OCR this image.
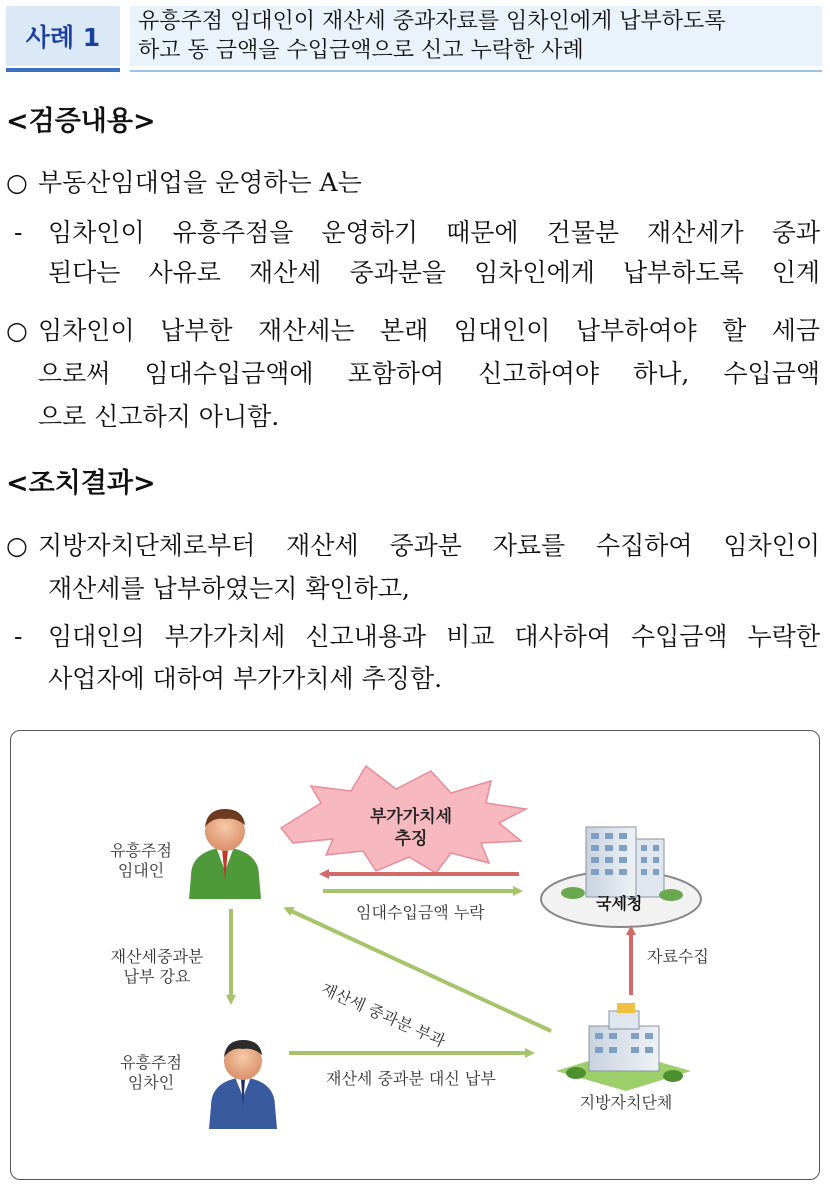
사례 1
유흥주점 임대인이 재산세 중과자료를 임차인에게 납부하도록
하고 동 금액을 수입금액으로 신고 누락한 사례
<검증내용>
○ 부동산임대업을 운영하는 A는
- 임차인이 유흥주점을 운영하기 때문에 건물분 재산세가 중과
된다는 사유로 재산세 중과분을 임차인에게 납부하도록 인계
○ 임차인이 납부한 재산세는 본래 임대인이 납부하여야 할 세금
으로써 임대수입금액에 포함하여 신고하여야 하나, 수입금액
으로 신고하지 아니함.
<조치결과>
○ 지방자치단체로부터 재산세 중과분 자료를 수집하여 임차인이
재산세를 납부하였는지 확인하고,
- 임대인의 부가가치세 신고내용과 비교 대사하여 수입금액 누락한
사업자에 대하여 부가가치세 추징함.
부가가치세
추징
유흥주점
임대인
유흥주점
임차인
국세청
지방자치단체
임대수입금액 누락
재산세중과분
납부 강요
재산세 중과분 부과
자료수집
재산세 중과분 대신 납부
